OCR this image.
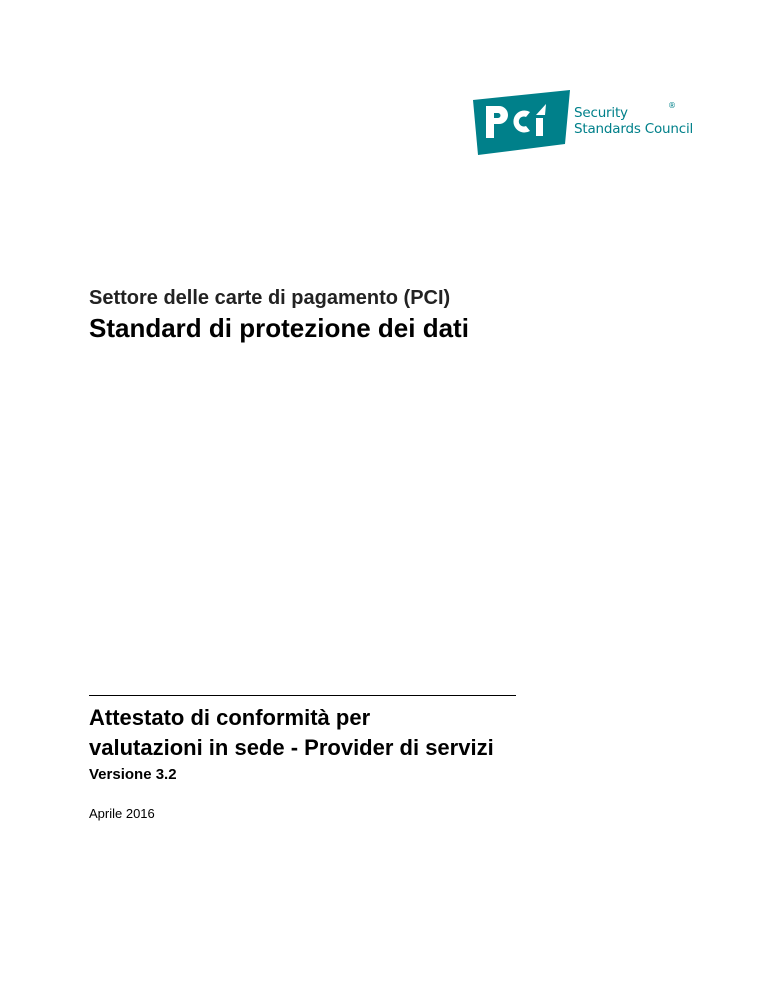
Security
Standards Council
®
Settore delle carte di pagamento (PCI)
Standard di protezione dei dati
Attestato di conformità per
valutazioni in sede - Provider di servizi
Versione 3.2
Aprile 2016
